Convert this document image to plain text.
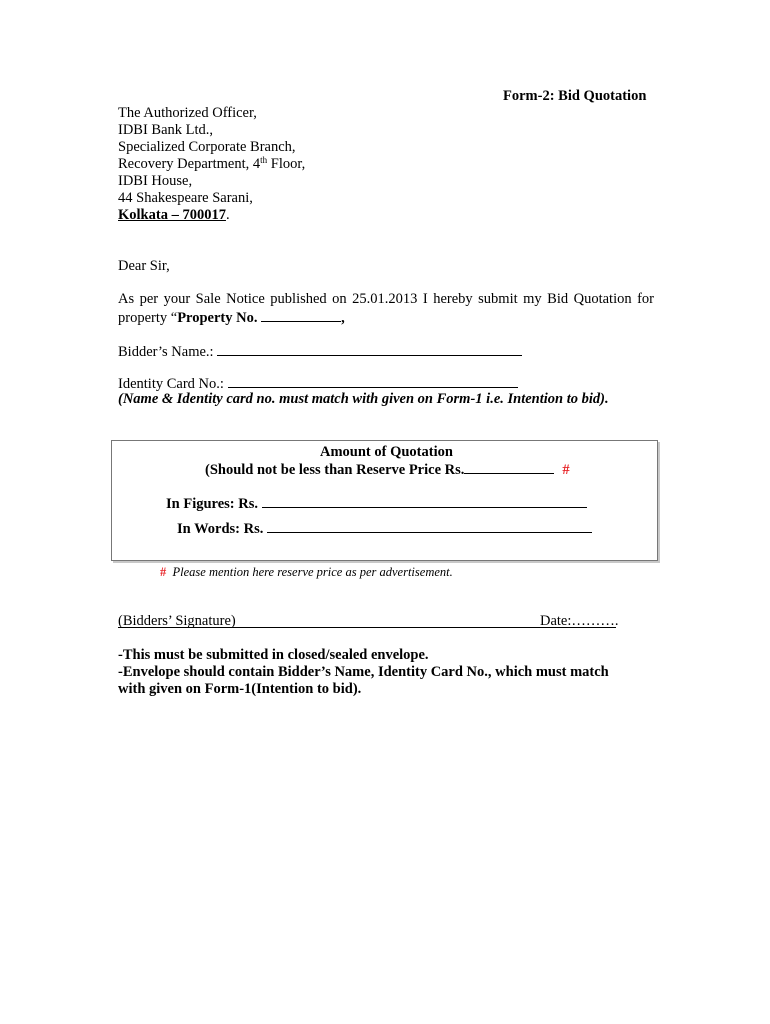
Form-2: Bid Quotation
The Authorized Officer,
IDBI Bank Ltd.,
Specialized Corporate Branch,
Recovery Department, 4th Floor,
IDBI House,
44 Shakespeare Sarani,
Kolkata – 700017.
Dear Sir,
As per your Sale Notice published on 25.01.2013 I hereby submit my Bid Quotation for
property “Property No.	,
Bidder’s Name.:
Identity Card No.:
(Name & Identity card no. must match with given on Form-1 i.e. Intention to bid).
Amount of Quotation
(Should not be less than Reserve Price Rs.	#
In Figures: Rs.
In Words: Rs.
# Please mention here reserve price as per advertisement.
(Bidders’ Signature)	Date:……….
-This must be submitted in closed/sealed envelope.
-Envelope should contain Bidder’s Name, Identity Card No., which must match
with given on Form-1(Intention to bid).
